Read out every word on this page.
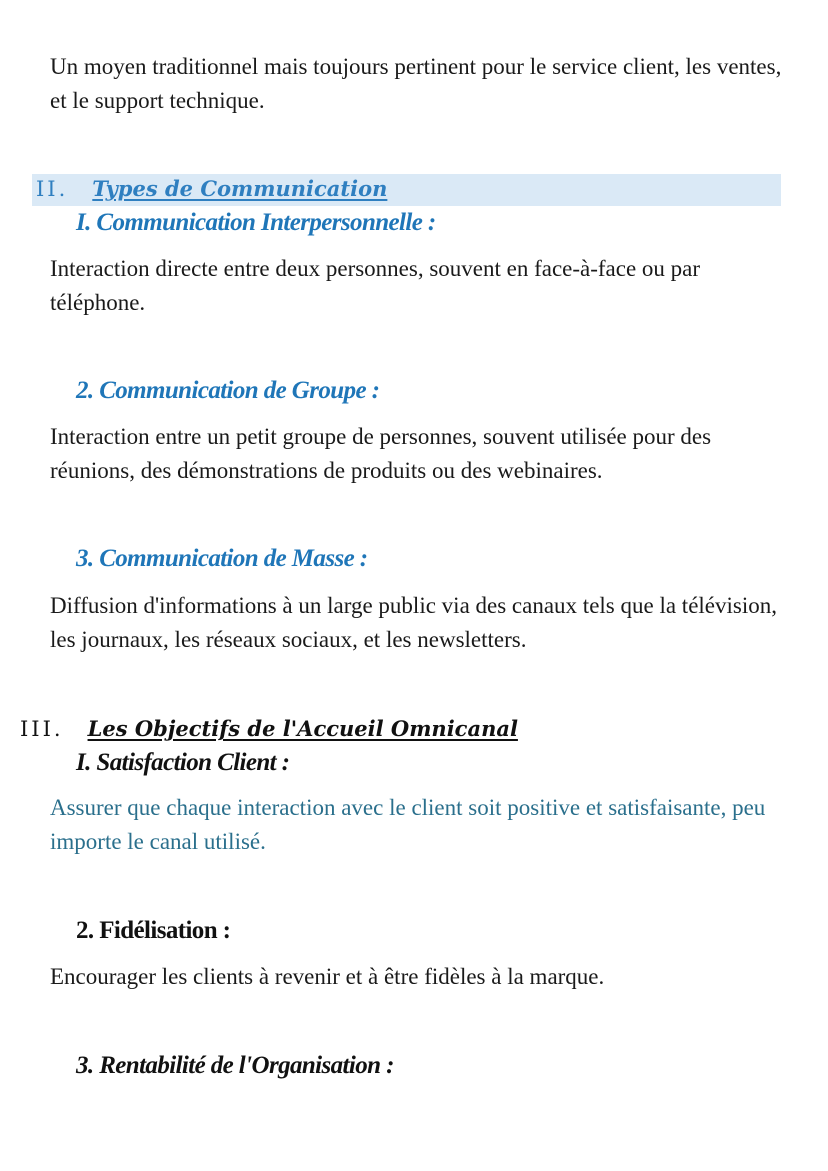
Un moyen traditionnel mais toujours pertinent pour le service client, les ventes, et le support technique.

II. Types de Communication
I. Communication Interpersonnelle :

Interaction directe entre deux personnes, souvent en face-à-face ou par téléphone.

2. Communication de Groupe :

Interaction entre un petit groupe de personnes, souvent utilisée pour des réunions, des démonstrations de produits ou des webinaires.

3. Communication de Masse :

Diffusion d'informations à un large public via des canaux tels que la télévision, les journaux, les réseaux sociaux, et les newsletters.

III. Les Objectifs de l'Accueil Omnicanal
I. Satisfaction Client :

Assurer que chaque interaction avec le client soit positive et satisfaisante, peu importe le canal utilisé.

2. Fidélisation :

Encourager les clients à revenir et à être fidèles à la marque.

3. Rentabilité de l'Organisation :
